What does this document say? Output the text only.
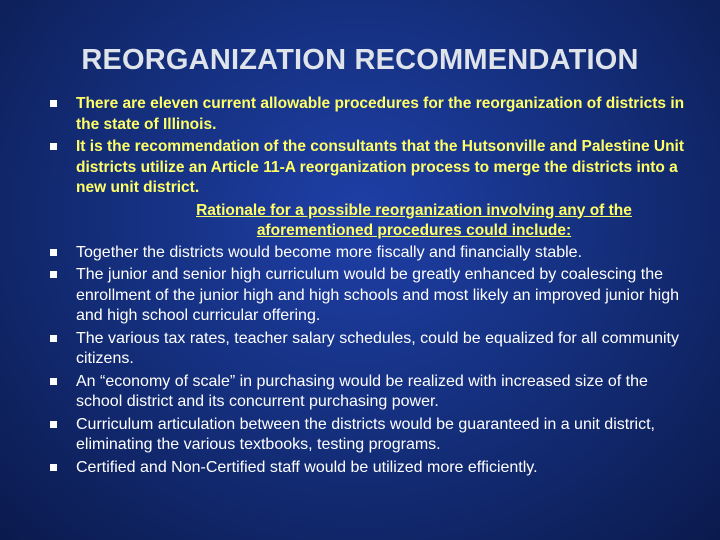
REORGANIZATION RECOMMENDATION
There are eleven current allowable procedures for the reorganization of districts in the state of Illinois.
It is the recommendation of the consultants that the Hutsonville and Palestine Unit districts utilize an Article 11-A reorganization process to merge the districts into a new unit district.
Rationale for a possible reorganization involving any of the aforementioned procedures could include:
Together the districts would become more fiscally and financially stable.
The junior and senior high curriculum would be greatly enhanced by coalescing the enrollment of the junior high and high schools and most likely an improved junior high and high school curricular offering.
The various tax rates, teacher salary schedules, could be equalized for all community citizens.
An “economy of scale” in purchasing would be realized with increased size of the school district and its concurrent purchasing power.
Curriculum articulation between the districts would be guaranteed in a unit district, eliminating the various textbooks, testing programs.
Certified and Non-Certified staff would be utilized more efficiently.
